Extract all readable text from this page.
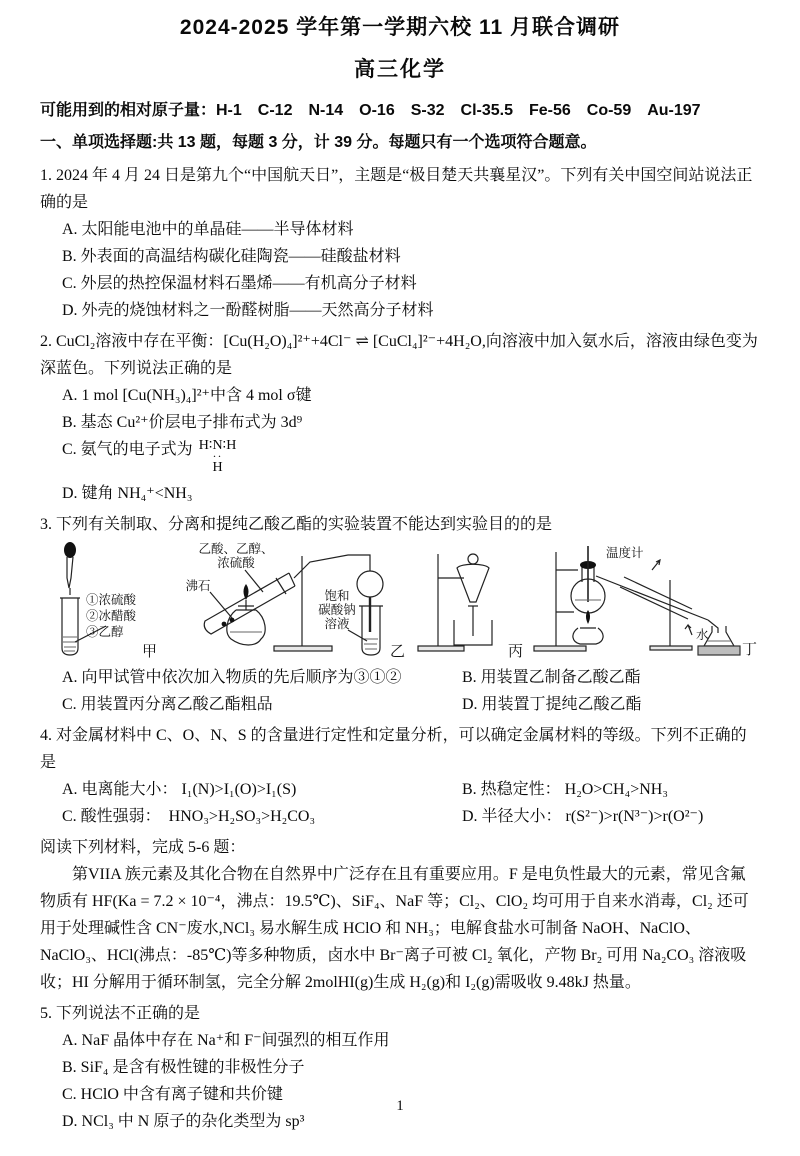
2024-2025 学年第一学期六校 11 月联合调研

高三化学

可能用到的相对原子量：H-1　C-12　N-14　O-16　S-32　Cl-35.5　Fe-56　Co-59　Au-197

一、单项选择题:共 13 题，每题 3 分，计 39 分。每题只有一个选项符合题意。

1. 2024 年 4 月 24 日是第九个“中国航天日”，主题是“极目楚天共襄星汉”。下列有关中国空间站说法正确的是

A. 太阳能电池中的单晶硅——半导体材料

B. 外表面的高温结构碳化硅陶瓷——硅酸盐材料

C. 外层的热控保温材料石墨烯——有机高分子材料

D. 外壳的烧蚀材料之一酚醛树脂——天然高分子材料

2. CuCl₂溶液中存在平衡：[Cu(H₂O)₄]²⁺+4Cl⁻ ⇌ [CuCl₄]²⁻+4H₂O,向溶液中加入氨水后，溶液由绿色变为深蓝色。下列说法正确的是

A. 1 mol [Cu(NH₃)₄]²⁺中含 4 mol σ键

B. 基态 Cu²⁺价层电子排布式为 3d⁹

C. 氨气的电子式为 H∶N∶H
··
H

D. 键角 NH₄⁺<NH₃

3. 下列有关制取、分离和提纯乙酸乙酯的实验装置不能达到实验目的的是

①浓硫酸
②冰醋酸
③乙醇
甲
乙酸、乙醇、
浓硫酸
沸石
饱和
碳酸钠
溶液
乙	丙
温度计
水
丁

A. 向甲试管中依次加入物质的先后顺序为③①②	B. 用装置乙制备乙酸乙酯

C. 用装置丙分离乙酸乙酯粗品	D. 用装置丁提纯乙酸乙酯

4. 对金属材料中 C、O、N、S 的含量进行定性和定量分析，可以确定金属材料的等级。下列不正确的是

A. 电离能大小： I₁(N)>I₁(O)>I₁(S)	B. 热稳定性： H₂O>CH₄>NH₃

C. 酸性强弱：　HNO₃>H₂SO₃>H₂CO₃	D. 半径大小： r(S²⁻)>r(N³⁻)>r(O²⁻)

阅读下列材料，完成 5-6 题：

第VIIA 族元素及其化合物在自然界中广泛存在且有重要应用。F 是电负性最大的元素，常见含氟物质有 HF(Ka = 7.2 × 10⁻⁴，沸点：19.5℃)、SiF₄、NaF 等；Cl₂、ClO₂ 均可用于自来水消毒，Cl₂ 还可用于处理碱性含 CN⁻废水,NCl₃ 易水解生成 HClO 和 NH₃；电解食盐水可制备 NaOH、NaClO、NaClO₃、HCl(沸点：-85℃)等多种物质，卤水中 Br⁻离子可被 Cl₂ 氧化，产物 Br₂ 可用 Na₂CO₃ 溶液吸收；HI 分解用于循环制氢，完全分解 2molHI(g)生成 H₂(g)和 I₂(g)需吸收 9.48kJ 热量。

5. 下列说法不正确的是

A. NaF 晶体中存在 Na⁺和 F⁻间强烈的相互作用

B. SiF₄ 是含有极性键的非极性分子

C. HClO 中含有离子键和共价键

D. NCl₃ 中 N 原子的杂化类型为 sp³

1
